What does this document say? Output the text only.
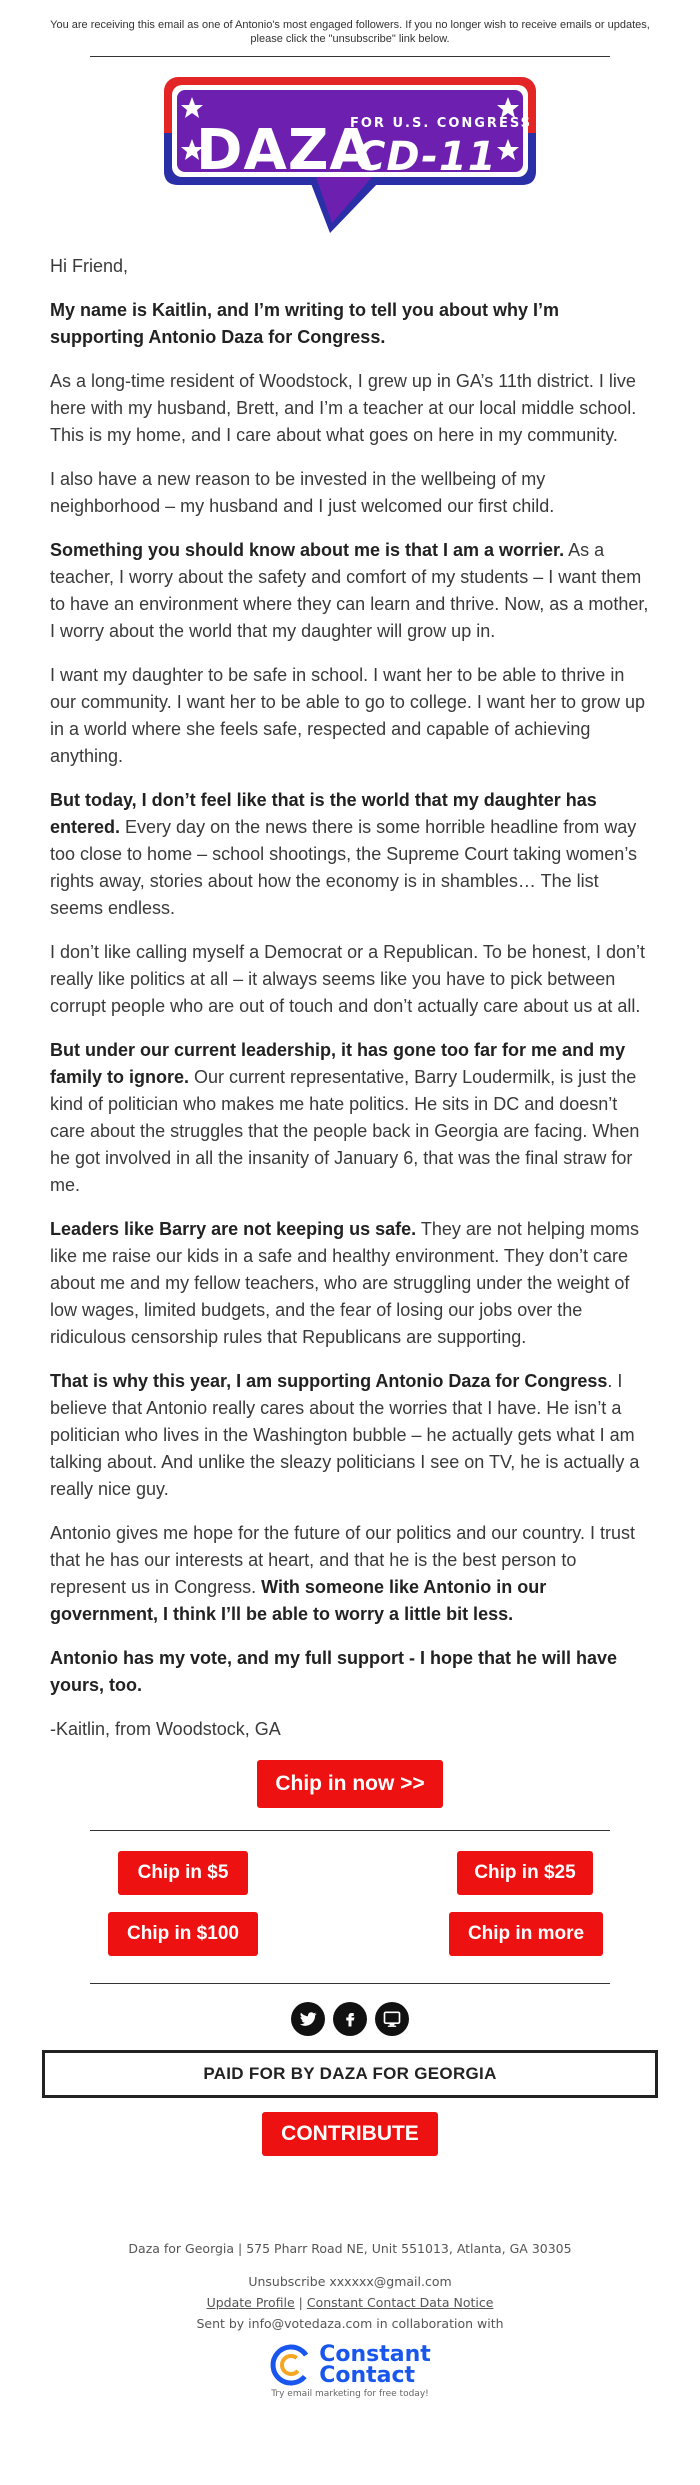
You are receiving this email as one of Antonio's most engaged followers. If you no longer wish to receive emails or updates,
please click the "unsubscribe" link below.
DAZA
FOR U.S. CONGRESS
CD-11

Hi Friend,

My name is Kaitlin, and I’m writing to tell you about why I’m supporting Antonio Daza for Congress.

As a long-time resident of Woodstock, I grew up in GA’s 11th district. I live here with my husband, Brett, and I’m a teacher at our local middle school. This is my home, and I care about what goes on here in my community.

I also have a new reason to be invested in the wellbeing of my neighborhood – my husband and I just welcomed our first child.

Something you should know about me is that I am a worrier. As a teacher, I worry about the safety and comfort of my students – I want them to have an environment where they can learn and thrive. Now, as a mother, I worry about the world that my daughter will grow up in.

I want my daughter to be safe in school. I want her to be able to thrive in our community. I want her to be able to go to college. I want her to grow up in a world where she feels safe, respected and capable of achieving anything.

But today, I don’t feel like that is the world that my daughter has entered. Every day on the news there is some horrible headline from way too close to home – school shootings, the Supreme Court taking women’s rights away, stories about how the economy is in shambles… The list seems endless.

I don’t like calling myself a Democrat or a Republican. To be honest, I don’t really like politics at all – it always seems like you have to pick between corrupt people who are out of touch and don’t actually care about us at all.

But under our current leadership, it has gone too far for me and my family to ignore. Our current representative, Barry Loudermilk, is just the kind of politician who makes me hate politics. He sits in DC and doesn’t care about the struggles that the people back in Georgia are facing. When he got involved in all the insanity of January 6, that was the final straw for me.

Leaders like Barry are not keeping us safe. They are not helping moms like me raise our kids in a safe and healthy environment. They don’t care about me and my fellow teachers, who are struggling under the weight of low wages, limited budgets, and the fear of losing our jobs over the ridiculous censorship rules that Republicans are supporting.

That is why this year, I am supporting Antonio Daza for Congress. I believe that Antonio really cares about the worries that I have. He isn’t a politician who lives in the Washington bubble – he actually gets what I am talking about. And unlike the sleazy politicians I see on TV, he is actually a really nice guy.

Antonio gives me hope for the future of our politics and our country. I trust that he has our interests at heart, and that he is the best person to represent us in Congress. With someone like Antonio in our government, I think I’ll be able to worry a little bit less.

Antonio has my vote, and my full support - I hope that he will have yours, too.

-Kaitlin, from Woodstock, GA

Chip in now >>
Chip in $5	Chip in $25
Chip in $100	Chip in more
PAID FOR BY DAZA FOR GEORGIA
CONTRIBUTE
Daza for Georgia | 575 Pharr Road NE, Unit 551013, Atlanta, GA 30305
Unsubscribe xxxxxx@gmail.com
Update Profile | Constant Contact Data Notice
Sent by info@votedaza.com in collaboration with
Constant
Contact
Try email marketing for free today!
